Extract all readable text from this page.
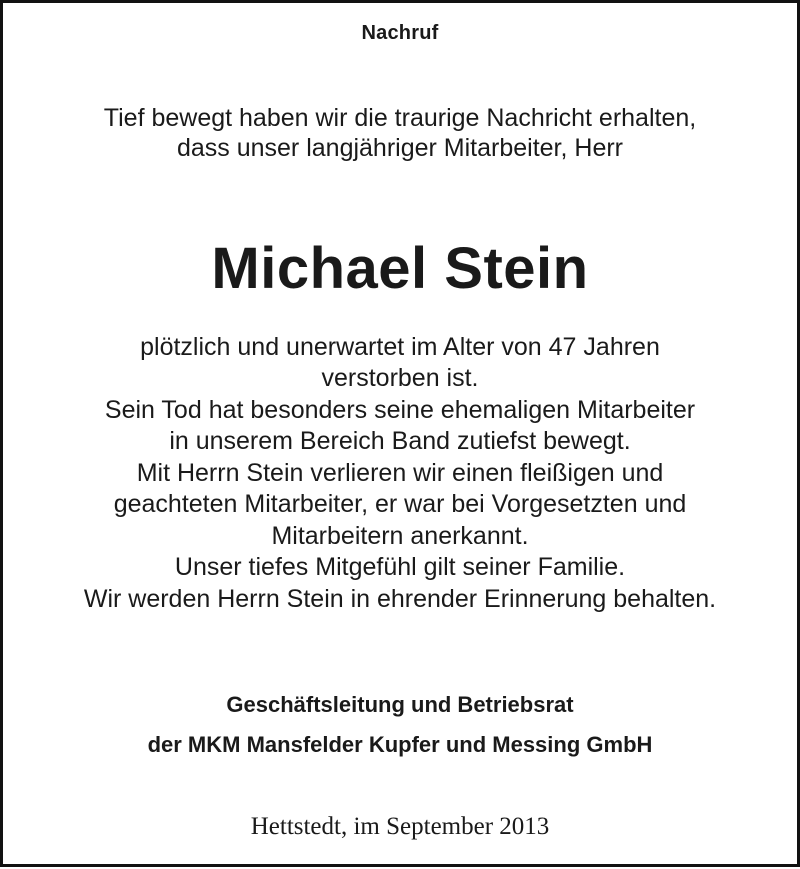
Nachruf

Tief bewegt haben wir die traurige Nachricht erhalten,

dass unser langjähriger Mitarbeiter, Herr

Michael Stein

plötzlich und unerwartet im Alter von 47 Jahren

verstorben ist.

Sein Tod hat besonders seine ehemaligen Mitarbeiter

in unserem Bereich Band zutiefst bewegt.

Mit Herrn Stein verlieren wir einen fleißigen und

geachteten Mitarbeiter, er war bei Vorgesetzten und

Mitarbeitern anerkannt.

Unser tiefes Mitgefühl gilt seiner Familie.

Wir werden Herrn Stein in ehrender Erinnerung behalten.

Geschäftsleitung und Betriebsrat

der MKM Mansfelder Kupfer und Messing GmbH

Hettstedt, im September 2013
